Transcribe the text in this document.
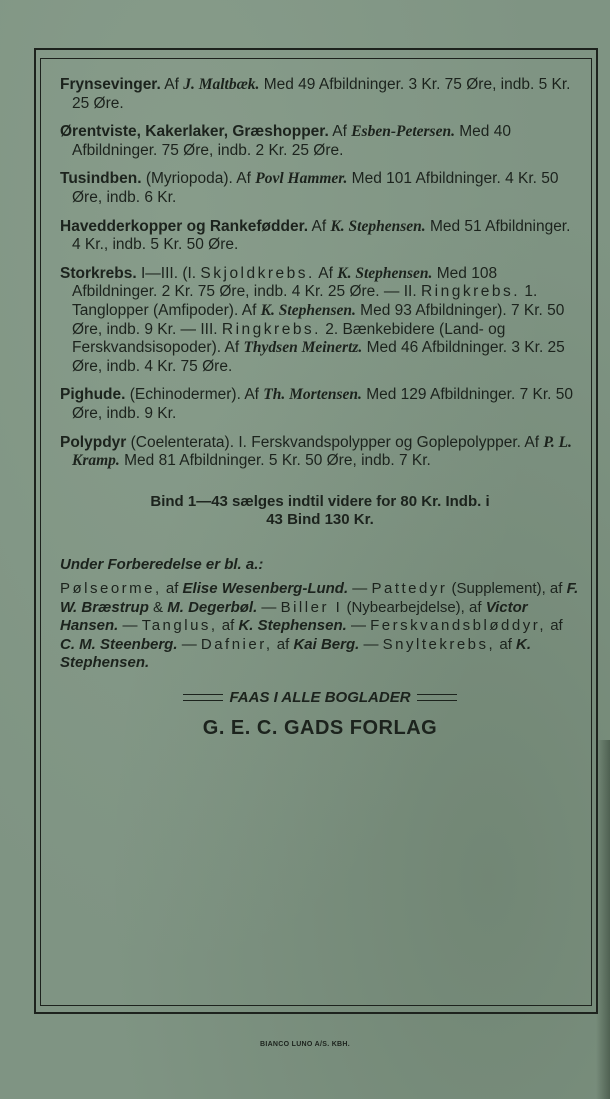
Frynsevinger. Af J. Maltbæk. Med 49 Afbildninger. 3 Kr. 75 Øre, indb. 5 Kr. 25 Øre.

Ørentviste, Kakerlaker, Græshopper. Af Esben-Petersen. Med 40 Afbildninger. 75 Øre, indb. 2 Kr. 25 Øre.

Tusindben. (Myriopoda). Af Povl Hammer. Med 101 Afbildninger. 4 Kr. 50 Øre, indb. 6 Kr.

Havedderkopper og Rankefødder. Af K. Stephensen. Med 51 Afbildninger. 4 Kr., indb. 5 Kr. 50 Øre.

Storkrebs. I—III. (I. Skjoldkrebs. Af K. Stephensen. Med 108 Afbildninger. 2 Kr. 75 Øre, indb. 4 Kr. 25 Øre. — II. Ringkrebs. 1. Tanglopper (Amfipoder). Af K. Stephensen. Med 93 Afbildninger). 7 Kr. 50 Øre, indb. 9 Kr. — III. Ringkrebs. 2. Bænkebidere (Land- og Ferskvandsisopoder). Af Thydsen Meinertz. Med 46 Afbildninger. 3 Kr. 25 Øre, indb. 4 Kr. 75 Øre.

Pighude. (Echinodermer). Af Th. Mortensen. Med 129 Afbildninger. 7 Kr. 50 Øre, indb. 9 Kr.

Polypdyr (Coelenterata). I. Ferskvandspolypper og Goplepolypper. Af P. L. Kramp. Med 81 Afbildninger. 5 Kr. 50 Øre, indb. 7 Kr.

Bind 1—43 sælges indtil videre for 80 Kr. Indb. i
43 Bind 130 Kr.
Under Forberedelse er bl. a.:

Pølseorme, af Elise Wesenberg-Lund. — Pattedyr (Supplement), af F. W. Bræstrup & M. Degerbøl. — Biller I (Nybearbejdelse), af Victor Hansen. — Tanglus, af K. Stephensen. — Ferskvandsbløddyr, af C. M. Steenberg. — Dafnier, af Kai Berg. — Snyltekrebs, af K. Stephensen.

FAAS I ALLE BOGLADER
G. E. C. GADS FORLAG
BIANCO LUNO A/S. KBH.
